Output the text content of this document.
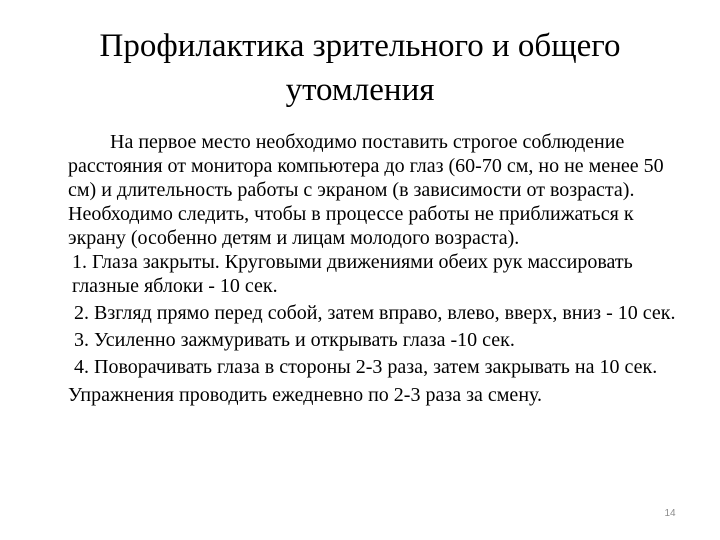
Профилактика зрительного и общего утомления

На первое место необходимо поставить строгое соблюдение расстояния от монитора компьютера до глаз (60-70 см, но не менее 50 см) и длительность работы с экраном (в зависимости от возраста). Необходимо следить, чтобы в процессе работы не приближаться к экрану (особенно детям и лицам молодого возраста).

1. Глаза закрыты. Круговыми движениями обеих рук массировать глазные яблоки - 10 сек.

2. Взгляд прямо перед собой, затем вправо, влево, вверх, вниз - 10 сек.

3. Усиленно зажмуривать и открывать глаза -10 сек.

4. Поворачивать глаза в стороны 2-3 раза, затем закрывать на 10 сек.

Упражнения проводить ежедневно по 2-3 раза за смену.

14
